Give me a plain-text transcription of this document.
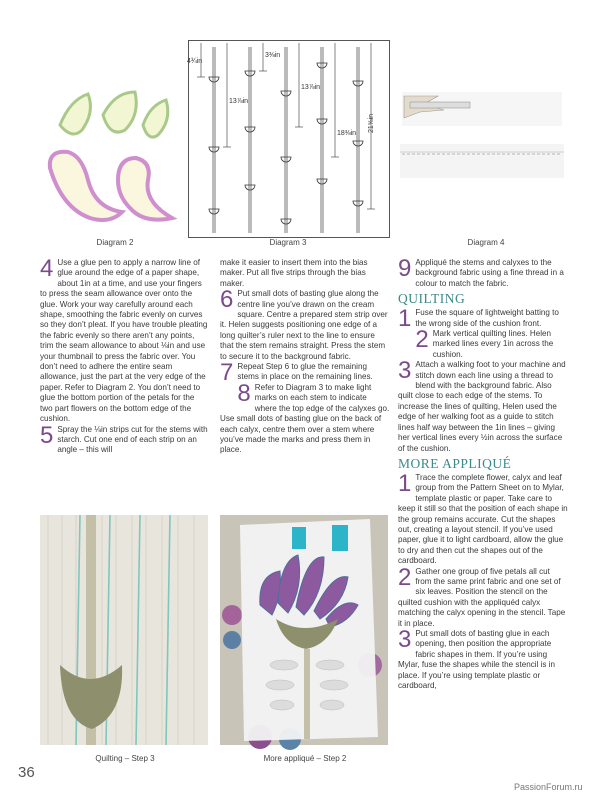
Diagram 2
4¾in
13⅞in
3⅜in
13⅞in
18⅜in
21⅝in
Diagram 3	Diagram 4

4 Use a glue pen to apply a narrow line of glue around the edge of a paper shape, about 1in at a time, and use your fingers to press the seam allowance over onto the glue. Work your way carefully around each shape, smoothing the fabric evenly on curves so they don’t pleat. If you have trouble pleating the fabric evenly so there aren’t any points, trim the seam allowance to about ⅛in and use your thumbnail to press the fabric over. You don’t need to adhere the entire seam allowance, just the part at the very edge of the paper. Refer to Diagram 2. You don’t need to glue the bottom portion of the petals for the two part flowers on the bottom edge of the cushion.

5 Spray the ⅛in strips cut for the stems with starch. Cut one end of each strip on an angle – this will

make it easier to insert them into the bias maker. Put all five strips through the bias maker.

6 Put small dots of basting glue along the centre line you’ve drawn on the cream square. Centre a prepared stem strip over it. Helen suggests positioning one edge of a long quilter’s ruler next to the line to ensure that the stem remains straight. Press the stem to secure it to the background fabric.

7 Repeat Step 6 to glue the remaining stems in place on the remaining lines.

8 Refer to Diagram 3 to make light marks on each stem to indicate where the top edge of the calyxes go. Use small dots of basting glue on the back of each calyx, centre them over a stem where you’ve made the marks and press them in place.

9 Appliqué the stems and calyxes to the background fabric using a fine thread in a colour to match the fabric.

QUILTING

1 Fuse the square of lightweight batting to the wrong side of the cushion front.

2 Mark vertical quilting lines. Helen marked lines every 1in across the cushion.

3 Attach a walking foot to your machine and stitch down each line using a thread to blend with the background fabric. Also quilt close to each edge of the stems. To increase the lines of quilting, Helen used the edge of her walking foot as a guide to stitch lines half way between the 1in lines – giving her vertical lines every ½in across the surface of the cushion.

MORE APPLIQUÉ

1 Trace the complete flower, calyx and leaf group from the Pattern Sheet on to Mylar, template plastic or paper. Take care to keep it still so that the position of each shape in the group remains accurate. Cut the shapes out, creating a layout stencil. If you’ve used paper, glue it to light cardboard, allow the glue to dry and then cut the shapes out of the cardboard.

2 Gather one group of five petals all cut from the same print fabric and one set of six leaves. Position the stencil on the quilted cushion with the appliquéd calyx matching the calyx opening in the stencil. Tape it in place.

3 Put small dots of basting glue in each opening, then position the appropriate fabric shapes in them. If you’re using Mylar, fuse the shapes while the stencil is in place. If you’re using template plastic or cardboard,

Quilting – Step 3	More appliqué – Step 2
36
PassionForum.ru
